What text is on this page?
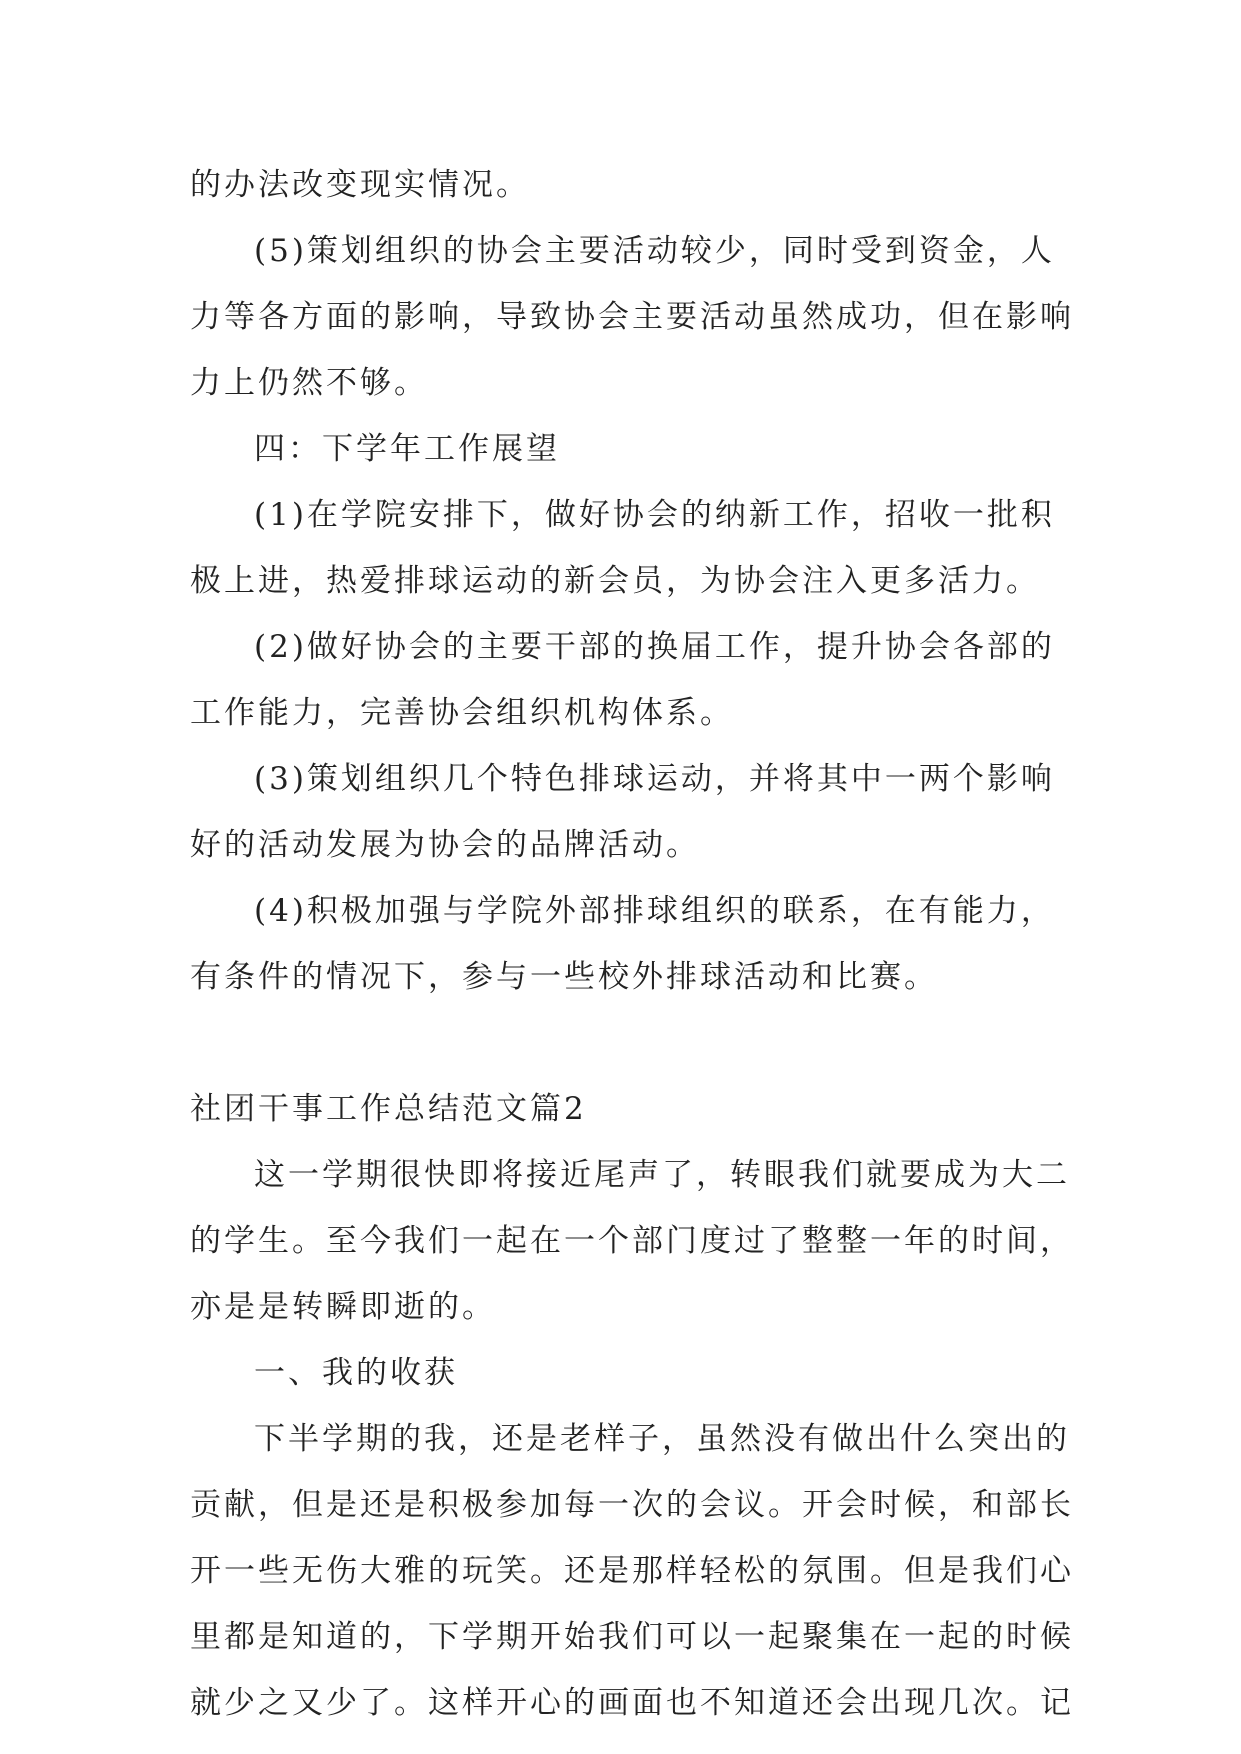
的办法改变现实情况。

(5)策划组织的协会主要活动较少，同时受到资金，人

力等各方面的影响，导致协会主要活动虽然成功，但在影响

力上仍然不够。

四：下学年工作展望

(1)在学院安排下，做好协会的纳新工作，招收一批积

极上进，热爱排球运动的新会员，为协会注入更多活力。

(2)做好协会的主要干部的换届工作，提升协会各部的

工作能力，完善协会组织机构体系。

(3)策划组织几个特色排球运动，并将其中一两个影响

好的活动发展为协会的品牌活动。

(4)积极加强与学院外部排球组织的联系，在有能力，

有条件的情况下，参与一些校外排球活动和比赛。

社团干事工作总结范文篇2

这一学期很快即将接近尾声了，转眼我们就要成为大二

的学生。至今我们一起在一个部门度过了整整一年的时间，

亦是是转瞬即逝的。

一、我的收获

下半学期的我，还是老样子，虽然没有做出什么突出的

贡献，但是还是积极参加每一次的会议。开会时候，和部长

开一些无伤大雅的玩笑。还是那样轻松的氛围。但是我们心

里都是知道的，下学期开始我们可以一起聚集在一起的时候

就少之又少了。这样开心的画面也不知道还会出现几次。记
